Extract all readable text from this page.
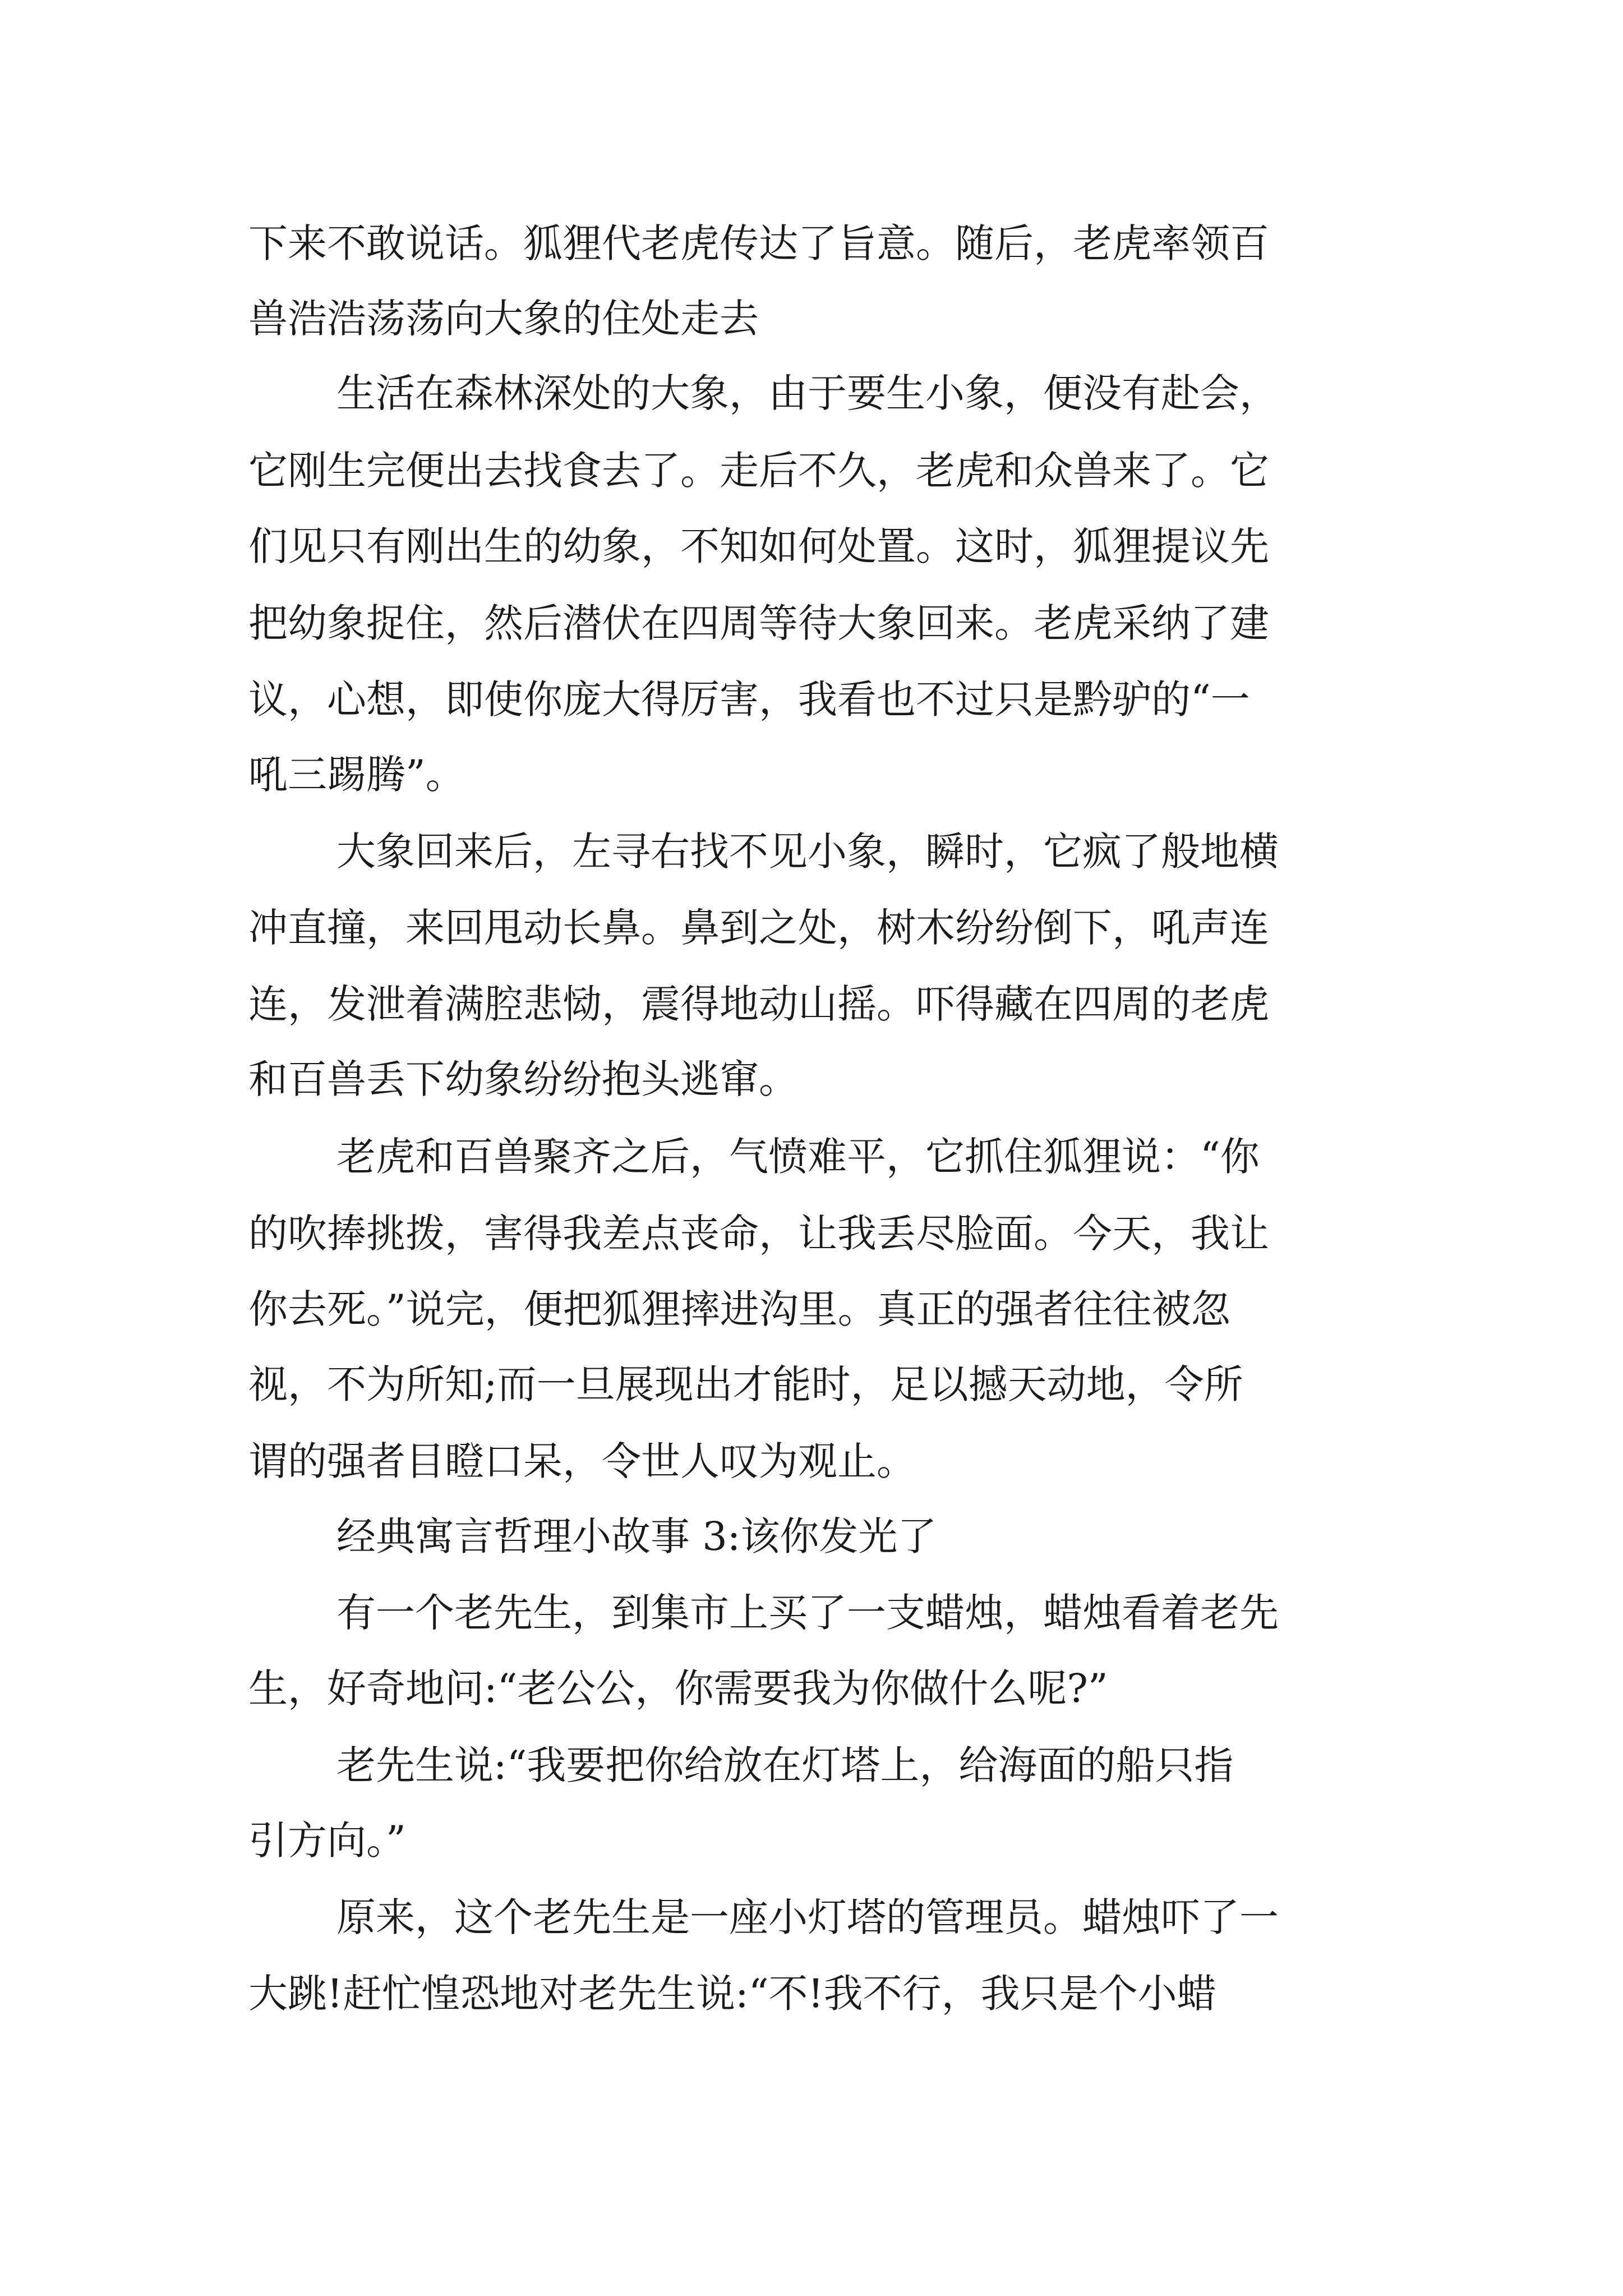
下来不敢说话。狐狸代老虎传达了旨意。随后，老虎率领百

兽浩浩荡荡向大象的住处走去

生活在森林深处的大象，由于要生小象，便没有赴会，

它刚生完便出去找食去了。走后不久，老虎和众兽来了。它

们见只有刚出生的幼象，不知如何处置。这时，狐狸提议先

把幼象捉住，然后潜伏在四周等待大象回来。老虎采纳了建

议，心想，即使你庞大得厉害，我看也不过只是黔驴的“一

吼三踢腾”。

大象回来后，左寻右找不见小象，瞬时，它疯了般地横

冲直撞，来回甩动长鼻。鼻到之处，树木纷纷倒下，吼声连

连，发泄着满腔悲恸，震得地动山摇。吓得藏在四周的老虎

和百兽丢下幼象纷纷抱头逃窜。

老虎和百兽聚齐之后，气愤难平，它抓住狐狸说：“你

的吹捧挑拨，害得我差点丧命，让我丢尽脸面。今天，我让

你去死。”说完，便把狐狸摔进沟里。真正的强者往往被忽

视，不为所知;而一旦展现出才能时，足以撼天动地，令所

谓的强者目瞪口呆，令世人叹为观止。

经典寓言哲理小故事 3:该你发光了

有一个老先生，到集市上买了一支蜡烛，蜡烛看着老先

生，好奇地问:“老公公，你需要我为你做什么呢?”

老先生说:“我要把你给放在灯塔上，给海面的船只指

引方向。”

原来，这个老先生是一座小灯塔的管理员。蜡烛吓了一

大跳!赶忙惶恐地对老先生说:“不!我不行，我只是个小蜡
